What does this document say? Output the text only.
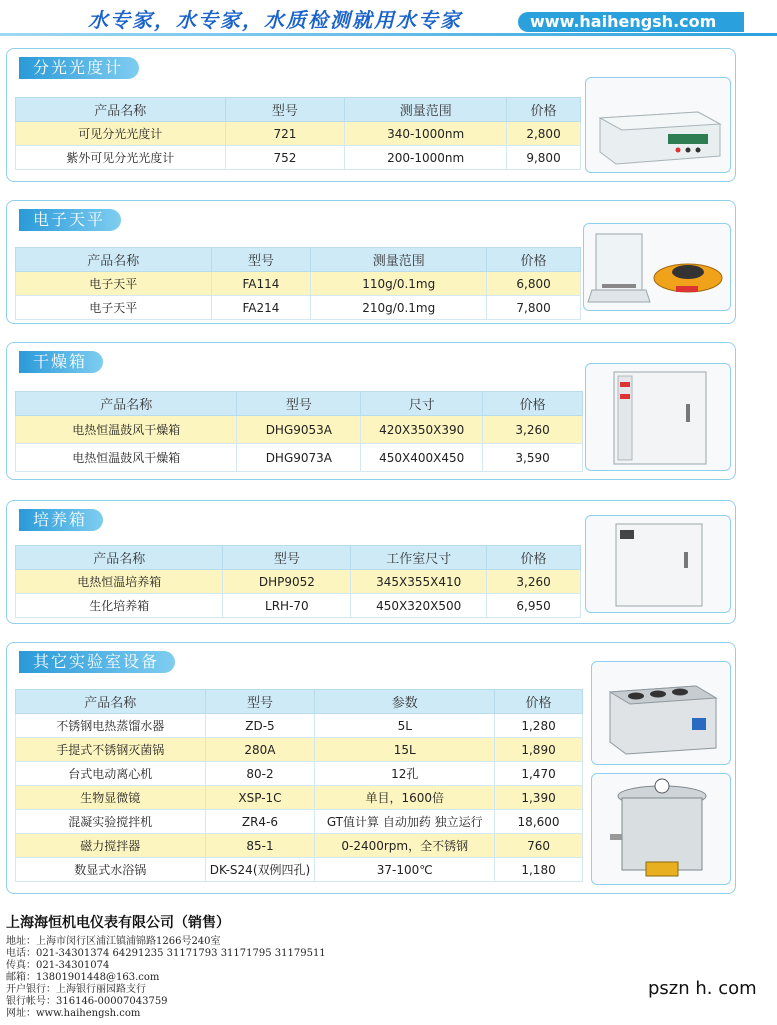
水专家，水专家，水质检测就用水专家	www.haihengsh.com
分光光度计
产品名称	型号	测量范围	价格
可见分光光度计	721	340-1000nm	2,800
紫外可见分光光度计	752	200-1000nm	9,800
电子天平
产品名称	型号	测量范围	价格
电子天平	FA114	110g/0.1mg	6,800
电子天平	FA214	210g/0.1mg	7,800
干燥箱
产品名称	型号	尺寸	价格
电热恒温鼓风干燥箱	DHG9053A	420X350X390	3,260
电热恒温鼓风干燥箱	DHG9073A	450X400X450	3,590
培养箱
产品名称	型号	工作室尺寸	价格
电热恒温培养箱	DHP9052	345X355X410	3,260
生化培养箱	LRH-70	450X320X500	6,950
其它实验室设备
产品名称	型号	参数	价格
不锈钢电热蒸馏水器	ZD-5	5L	1,280
手提式不锈钢灭菌锅	280A	15L	1,890
台式电动离心机	80-2	12孔	1,470
生物显微镜	XSP-1C	单目，1600倍	1,390
混凝实验搅拌机	ZR4-6	GT值计算 自动加药 独立运行	18,600
磁力搅拌器	85-1	0-2400rpm，全不锈钢	760
数显式水浴锅	DK-S24(双例四孔)	37-100℃	1,180
上海海恒机电仪表有限公司（销售）
地址：上海市闵行区浦江镇浦锦路1266号240室
电话：021-34301374 64291235 31171793 31171795 31179511
传真：021-34301074
邮箱：13801901448@163.com
开户银行：上海银行丽园路支行
银行帐号：316146-00007043759
网址：www.haihengsh.com
pszn h. com
